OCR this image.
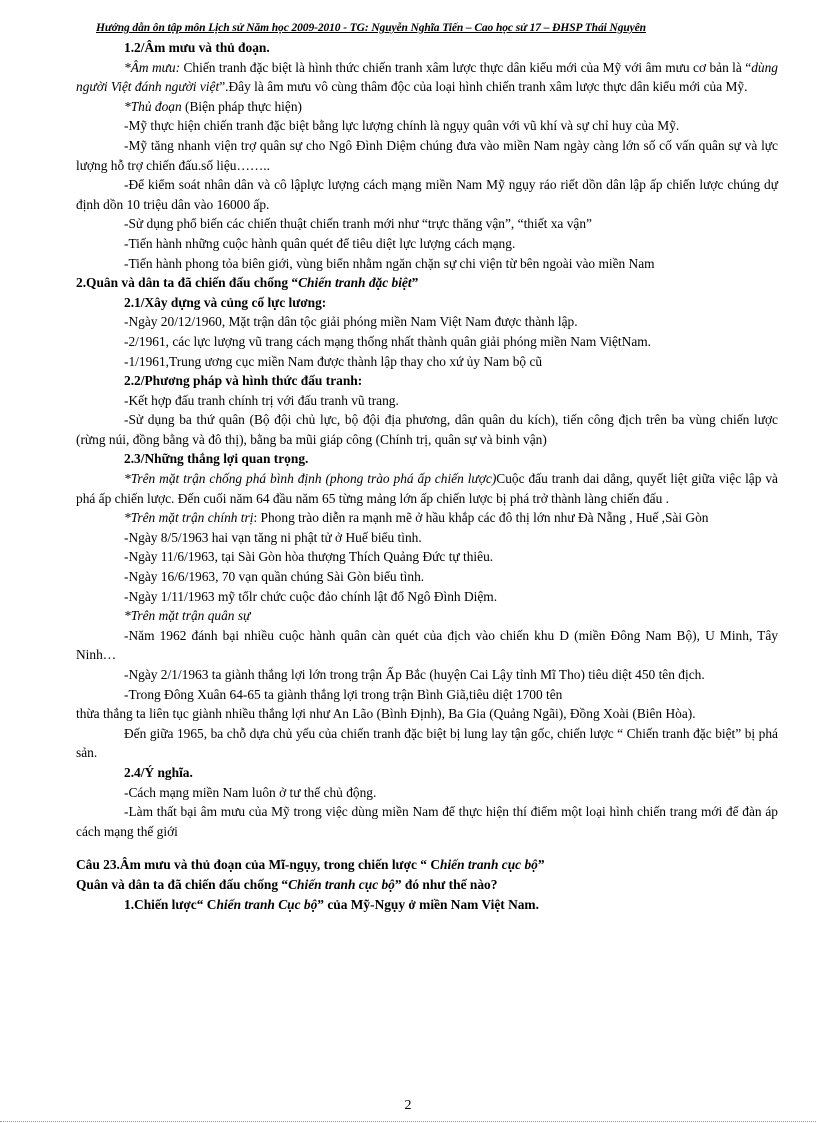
Hướng dẫn ôn tập môn Lịch sử Năm học 2009-2010 - TG: Nguyễn Nghĩa Tiến – Cao học sử 17 – ĐHSP Thái Nguyên

1.2/Âm mưu và thủ đoạn.

*Âm mưu: Chiến tranh đặc biệt là hình thức chiến tranh xâm lược thực dân kiểu mới của Mỹ với âm mưu cơ bản là “dùng người Việt đánh người việt”.Đây là âm mưu vô cùng thâm độc của loại hình chiến tranh xâm lược thực dân kiểu mới của Mỹ.

*Thủ đoạn (Biện pháp thực hiện)

-Mỹ thực hiện chiến tranh đặc biệt bằng lực lượng chính là ngụy quân với vũ khí và sự chỉ huy của Mỹ.

-Mỹ tăng nhanh viện trợ quân sự cho Ngô Đình Diệm chúng đưa vào miền Nam ngày càng lớn số cố vấn quân sự và lực lượng hỗ trợ chiến đấu.số liệu……..

-Để kiểm soát nhân dân và cô lậplực lượng cách mạng miền Nam Mỹ ngụy ráo riết dồn dân lập ấp chiến lược chúng dự định dồn 10 triệu dân vào 16000 ấp.

-Sử dụng phổ biến các chiến thuật chiến tranh mới như “trực thăng vận”, “thiết xa vận”

-Tiến hành những cuộc hành quân quét để tiêu diệt lực lượng cách mạng.

-Tiến hành phong tỏa biên giới, vùng biển nhằm ngăn chặn sự chi viện từ bên ngoài vào miền Nam

2.Quân và dân ta đã chiến đấu chống “Chiến tranh đặc biệt”

2.1/Xây dựng và củng cố lực lương:

-Ngày 20/12/1960, Mặt trận dân tộc giải phóng miền Nam Việt Nam được thành lập.

-2/1961, các lực lượng vũ trang cách mạng thống nhất thành quân giải phóng miền Nam ViệtNam.

-1/1961,Trung ương cục miền Nam được thành lập thay cho xứ ủy Nam bộ cũ

2.2/Phương pháp và hình thức đấu tranh:

-Kết hợp đấu tranh chính trị với đấu tranh vũ trang.

-Sử dụng ba thứ quân (Bộ đội chủ lực, bộ đội địa phương, dân quân du kích), tiến công địch trên ba vùng chiến lược (rừng núi, đồng bằng và đô thị), bằng ba mũi giáp công (Chính trị, quân sự và binh vận)

2.3/Những thắng lợi quan trọng.

*Trên mặt trận chống phá bình định (phong trào phá ấp chiến lược)Cuộc đấu tranh dai dẳng, quyết liệt giữa việc lập và phá ấp chiến lược. Đến cuối năm 64 đầu năm 65 từng mảng lớn ấp chiến lược bị phá trở thành làng chiến đấu .

*Trên mặt trận chính trị: Phong trào diễn ra mạnh mẽ ở hầu khắp các đô thị lớn như Đà Nẵng , Huế ,Sài Gòn

-Ngày 8/5/1963 hai vạn tăng ni phật tử ở Huế biểu tình.

-Ngày 11/6/1963, tại Sài Gòn hòa thượng Thích Quảng Đức tự thiêu.

-Ngày 16/6/1963, 70 vạn quần chúng Sài Gòn biểu tình.

-Ngày 1/11/1963 mỹ tổlr chức cuộc đảo chính lật đổ Ngô Đình Diệm.

*Trên mặt trận quân sự

-Năm 1962 đánh bại nhiều cuộc hành quân càn quét của địch vào chiến khu D (miền Đông Nam Bộ), U Minh, Tây Ninh…

-Ngày 2/1/1963 ta giành thắng lợi lớn trong trận Ấp Bắc (huyện Cai Lậy tỉnh Mĩ Tho) tiêu diệt 450 tên địch.

-Trong Đông Xuân 64-65 ta giành thắng lợi trong trận Bình Giã,tiêu diệt 1700 tên

thừa thắng ta liên tục giành nhiều thắng lợi như An Lão (Bình Định), Ba Gia (Quảng Ngãi), Đồng Xoài (Biên Hòa).

Đến giữa 1965, ba chỗ dựa chủ yếu của chiến tranh đặc biệt bị lung lay tận gốc, chiến lược “ Chiến tranh đặc biệt” bị phá sản.

2.4/Ý nghĩa.

-Cách mạng miền Nam luôn ở tư thế chủ động.

-Làm thất bại âm mưu của Mỹ trong việc dùng miền Nam để thực hiện thí điểm một loại hình chiến trang mới để đàn áp cách mạng thế giới

Câu 23.Âm mưu và thủ đoạn của Mĩ-ngụy, trong chiến lược “ Chiến tranh cục bộ”

Quân và dân ta đã chiến đấu chống “Chiến tranh cục bộ” đó như thế nào?

1.Chiến lược“ Chiến tranh Cục bộ” của Mỹ-Ngụy ở miền Nam Việt Nam.

2
